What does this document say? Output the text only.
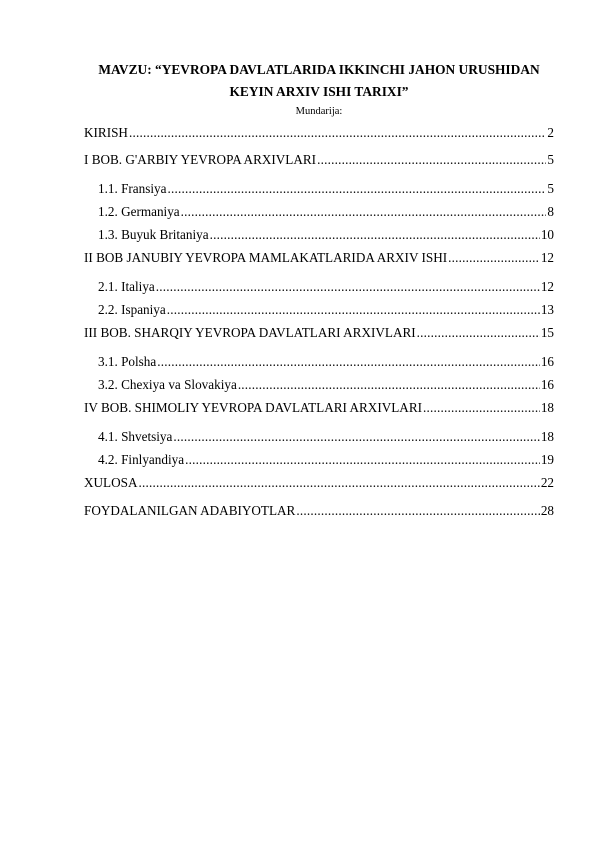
MAVZU: “YEVROPA DAVLATLARIDA IKKINCHI JAHON URUSHIDAN
KEYIN ARXIV ISHI TARIXI”
Mundarija:
KIRISH .....	2
I BOB. G'ARBIY YEVROPA ARXIVLARI .....	5
1.1. Fransiya .....	5
1.2. Germaniya .....	8
1.3. Buyuk Britaniya .....	10
II BOB JANUBIY YEVROPA MAMLAKATLARIDA ARXIV ISHI .....	12
2.1. Italiya .....	12
2.2. Ispaniya .....	13
III BOB. SHARQIY YEVROPA DAVLATLARI ARXIVLARI .....	15
3.1. Polsha .....	16
3.2. Chexiya va Slovakiya .....	16
IV BOB. SHIMOLIY YEVROPA DAVLATLARI ARXIVLARI .....	18
4.1. Shvetsiya .....	18
4.2. Finlyandiya .....	19
XULOSA .....	22
FOYDALANILGAN ADABIYOTLAR .....	28
